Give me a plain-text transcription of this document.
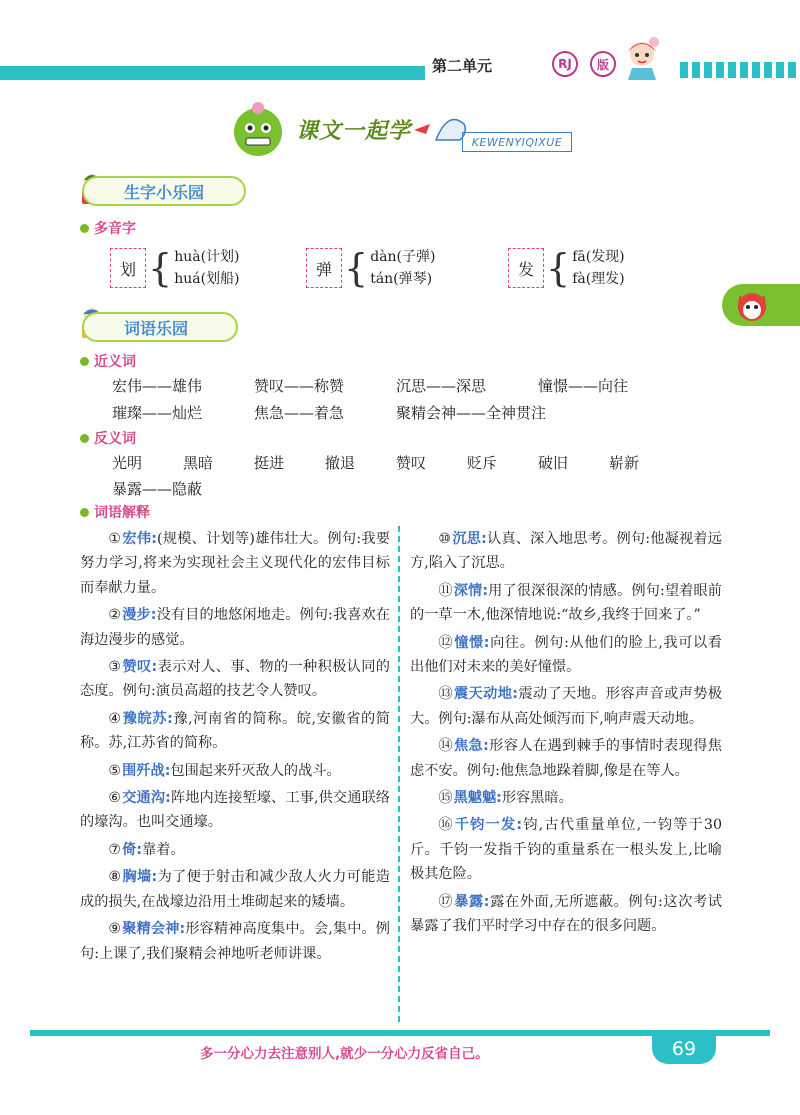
第二单元	RJ	版
课文一起学	KEWENYIQIXUE
生字小乐园
多音字
划 { huà(计划)
huá(划船)
弹 { dàn(子弹)
tán(弹琴)
发 { fā(发现)
fà(理发)
词语乐园
近义词
宏伟——雄伟	赞叹——称赞	沉思——深思	憧憬——向往
璀璨——灿烂	焦急——着急	聚精会神——全神贯注
反义词
光明	黑暗	挺进	撤退	赞叹	贬斥	破旧	崭新
暴露——隐蔽
词语解释

①宏伟:(规模、计划等)雄伟壮大。例句:我要努力学习,将来为实现社会主义现代化的宏伟目标而奉献力量。

②漫步:没有目的地悠闲地走。例句:我喜欢在海边漫步的感觉。

③赞叹:表示对人、事、物的一种积极认同的态度。例句:演员高超的技艺令人赞叹。

④豫皖苏:豫,河南省的简称。皖,安徽省的简称。苏,江苏省的简称。

⑤围歼战:包围起来歼灭敌人的战斗。

⑥交通沟:阵地内连接堑壕、工事,供交通联络的壕沟。也叫交通壕。

⑦倚:靠着。

⑧胸墙:为了便于射击和减少敌人火力可能造成的损失,在战壕边沿用土堆砌起来的矮墙。

⑨聚精会神:形容精神高度集中。会,集中。例句:上课了,我们聚精会神地听老师讲课。

⑩沉思:认真、深入地思考。例句:他凝视着远方,陷入了沉思。

⑪深情:用了很深很深的情感。例句:望着眼前的一草一木,他深情地说:“故乡,我终于回来了。”

⑫憧憬:向往。例句:从他们的脸上,我可以看出他们对未来的美好憧憬。

⑬震天动地:震动了天地。形容声音或声势极大。例句:瀑布从高处倾泻而下,响声震天动地。

⑭焦急:形容人在遇到棘手的事情时表现得焦虑不安。例句:他焦急地跺着脚,像是在等人。

⑮黑魆魆:形容黑暗。

⑯千钧一发:钧,古代重量单位,一钧等于30斤。千钧一发指千钧的重量系在一根头发上,比喻极其危险。

⑰暴露:露在外面,无所遮蔽。例句:这次考试暴露了我们平时学习中存在的很多问题。

多一分心力去注意别人,就少一分心力反省自己。	69
